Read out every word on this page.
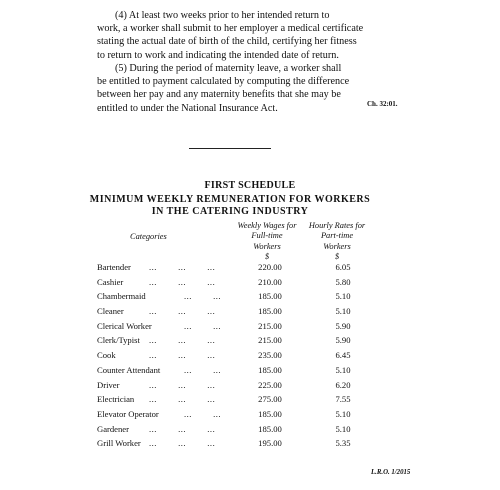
(4) At least two weeks prior to her intended return to
work, a worker shall submit to her employer a medical certificate
stating the actual date of birth of the child, certifying her fitness
to return to work and indicating the intended date of return.
(5) During the period of maternity leave, a worker shall
be entitled to payment calculated by computing the difference
between her pay and any maternity benefits that she may be
entitled to under the National Insurance Act.	Ch. 32:01.
FIRST SCHEDULE
MINIMUM WEEKLY REMUNERATION FOR WORKERS
IN THE CATERING INDUSTRY
Categories
Weekly Wages for
Full-time
Workers
$
Hourly Rates for
Part-time
Workers
$
Bartender ...        ...        ...	220.00	6.05
Cashier	...        ...        ...	210.00	5.80
Chambermaid	...        ...	185.00	5.10
Cleaner	...        ...        ...	185.00	5.10
Clerical Worker	...        ...	215.00	5.90
Clerk/Typist ...        ...        ...	215.00	5.90
Cook	...        ...        ...	235.00	6.45
Counter Attendant	...        ...	185.00	5.10
Driver	...        ...        ...	225.00	6.20
Electrician ...        ...        ...	275.00	7.55
Elevator Operator	...        ...	185.00	5.10
Gardener ...        ...        ...	185.00	5.10
Grill Worker ...        ...        ...	195.00	5.35
L.R.O. 1/2015
